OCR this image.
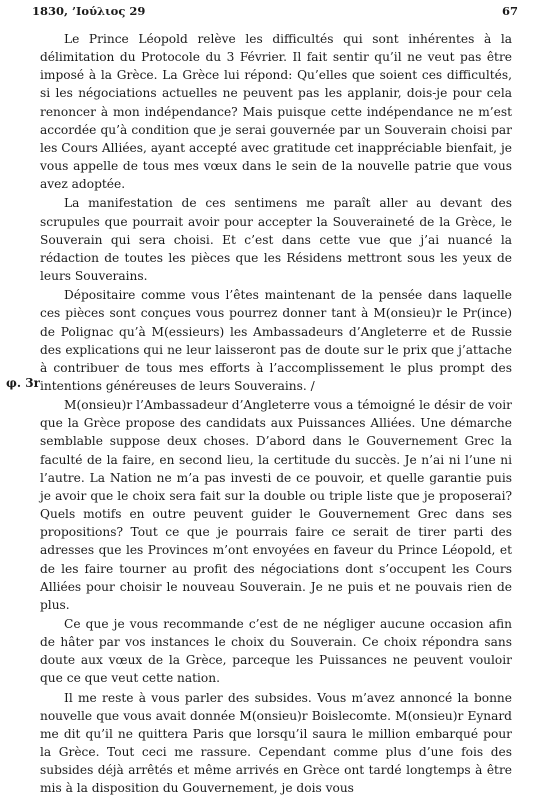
1830, ’Ιούλιος 29	67
φ. 3r

Le Prince Léopold relève les difficultés qui sont inhérentes à la délimitation du Protocole du 3 Février. Il fait sentir qu’il ne veut pas être imposé à la Grèce. La Grèce lui répond: Qu’elles que soient ces difficultés, si les négociations actuelles ne peuvent pas les applanir, dois-je pour cela renoncer à mon indépendance? Mais puisque cette indépendance ne m’est accordée qu’à condition que je serai gouvernée par un Souverain choisi par les Cours Alliées, ayant accepté avec gratitude cet inappréciable bienfait, je vous appelle de tous mes vœux dans le sein de la nouvelle patrie que vous avez adoptée.

La manifestation de ces sentimens me paraît aller au devant des scrupules que pourrait avoir pour accepter la Souveraineté de la Grèce, le Souverain qui sera choisi. Et c’est dans cette vue que j’ai nuancé la rédaction de toutes les pièces que les Résidens mettront sous les yeux de leurs Souverains.

Dépositaire comme vous l’êtes maintenant de la pensée dans laquelle ces pièces sont conçues vous pourrez donner tant à M(onsieu)r le Pr(ince) de Polignac qu’à M(essieurs) les Ambassadeurs d’Angleterre et de Russie des explications qui ne leur laisseront pas de doute sur le prix que j’attache à contribuer de tous mes efforts à l’accomplissement le plus prompt des intentions généreuses de leurs Souverains. /

M(onsieu)r l’Ambassadeur d’Angleterre vous a témoigné le désir de voir que la Grèce propose des candidats aux Puissances Alliées. Une démarche semblable suppose deux choses. D’abord dans le Gouvernement Grec la faculté de la faire, en second lieu, la certitude du succès. Je n’ai ni l’une ni l’autre. La Nation ne m’a pas investi de ce pouvoir, et quelle garantie puis je avoir que le choix sera fait sur la double ou triple liste que je proposerai? Quels motifs en outre peuvent guider le Gouvernement Grec dans ses propositions? Tout ce que je pourrais faire ce serait de tirer parti des adresses que les Provinces m’ont envoyées en faveur du Prince Léopold, et de les faire tourner au profit des négociations dont s’occupent les Cours Alliées pour choisir le nouveau Souverain. Je ne puis et ne pouvais rien de plus.

Ce que je vous recommande c’est de ne négliger aucune occasion afin de hâter par vos instances le choix du Souverain. Ce choix répondra sans doute aux vœux de la Grèce, parceque les Puissances ne peuvent vouloir que ce que veut cette nation.

Il me reste à vous parler des subsides. Vous m’avez annoncé la bonne nouvelle que vous avait donnée M(onsieu)r Boislecomte. M(onsieu)r Eynard me dit qu’il ne quittera Paris que lorsqu’il saura le million embarqué pour la Grèce. Tout ceci me rassure. Cependant comme plus d’une fois des subsides déjà arrêtés et même arrivés en Grèce ont tardé longtemps à être mis à la disposition du Gouvernement, je dois vous
